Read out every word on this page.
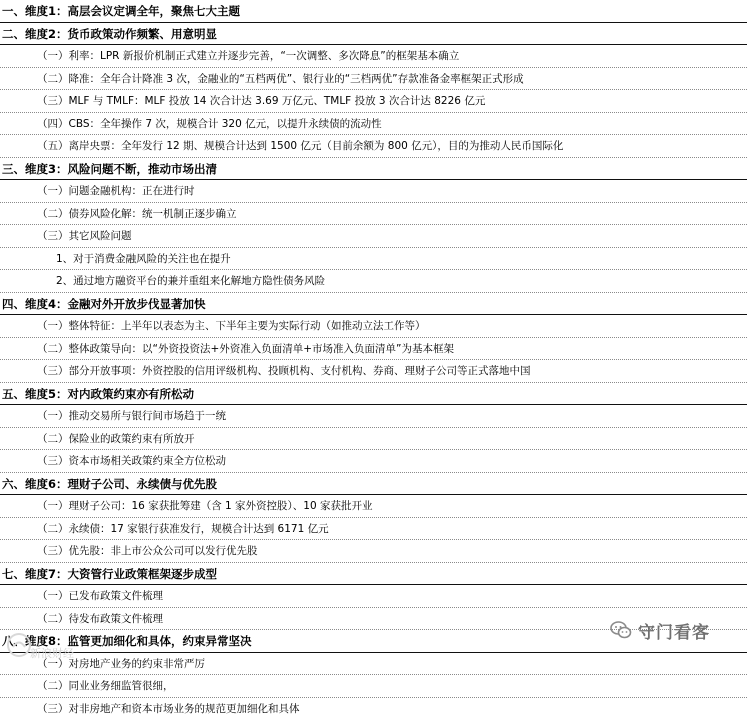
一、维度1：高层会议定调全年，聚焦七大主题
二、维度2：货币政策动作频繁、用意明显
（一）利率：LPR 新报价机制正式建立并逐步完善，“一次调整、多次降息”的框架基本确立
（二）降准：全年合计降准 3 次，金融业的“五档两优”、银行业的“三档两优”存款准备金率框架正式形成
（三）MLF 与 TMLF：MLF 投放 14 次合计达 3.69 万亿元、TMLF 投放 3 次合计达 8226 亿元
（四）CBS：全年操作 7 次，规模合计 320 亿元，以提升永续债的流动性
（五）离岸央票：全年发行 12 期、规模合计达到 1500 亿元（目前余额为 800 亿元），目的为推动人民币国际化
三、维度3：风险问题不断，推动市场出清
（一）问题金融机构：正在进行时
（二）债券风险化解：统一机制正逐步确立
（三）其它风险问题
1、对于消费金融风险的关注也在提升
2、通过地方融资平台的兼并重组来化解地方隐性债务风险
四、维度4：金融对外开放步伐显著加快
（一）整体特征：上半年以表态为主、下半年主要为实际行动（如推动立法工作等）
（二）整体政策导向：以“外资投资法+外资准入负面清单+市场准入负面清单”为基本框架
（三）部分开放事项：外资控股的信用评级机构、投顾机构、支付机构、券商、理财子公司等正式落地中国
五、维度5：对内政策约束亦有所松动
（一）推动交易所与银行间市场趋于一统
（二）保险业的政策约束有所放开
（三）资本市场相关政策约束全方位松动
六、维度6：理财子公司、永续债与优先股
（一）理财子公司：16 家获批筹建（含 1 家外资控股）、10 家获批开业
（二）永续债：17 家银行获准发行，规模合计达到 6171 亿元
（三）优先股：非上市公众公司可以发行优先股
七、维度7：大资管行业政策框架逐步成型
（一）已发布政策文件梳理
（二）待发布政策文件梳理
八、维度8：监管更加细化和具体，约束异常坚决
（一）对房地产业务的约束非常严厉
（二）同业业务细监管很细，
（三）对非房地产和资本市场业务的规范更加细化和具体
新浪财经
守门看客
